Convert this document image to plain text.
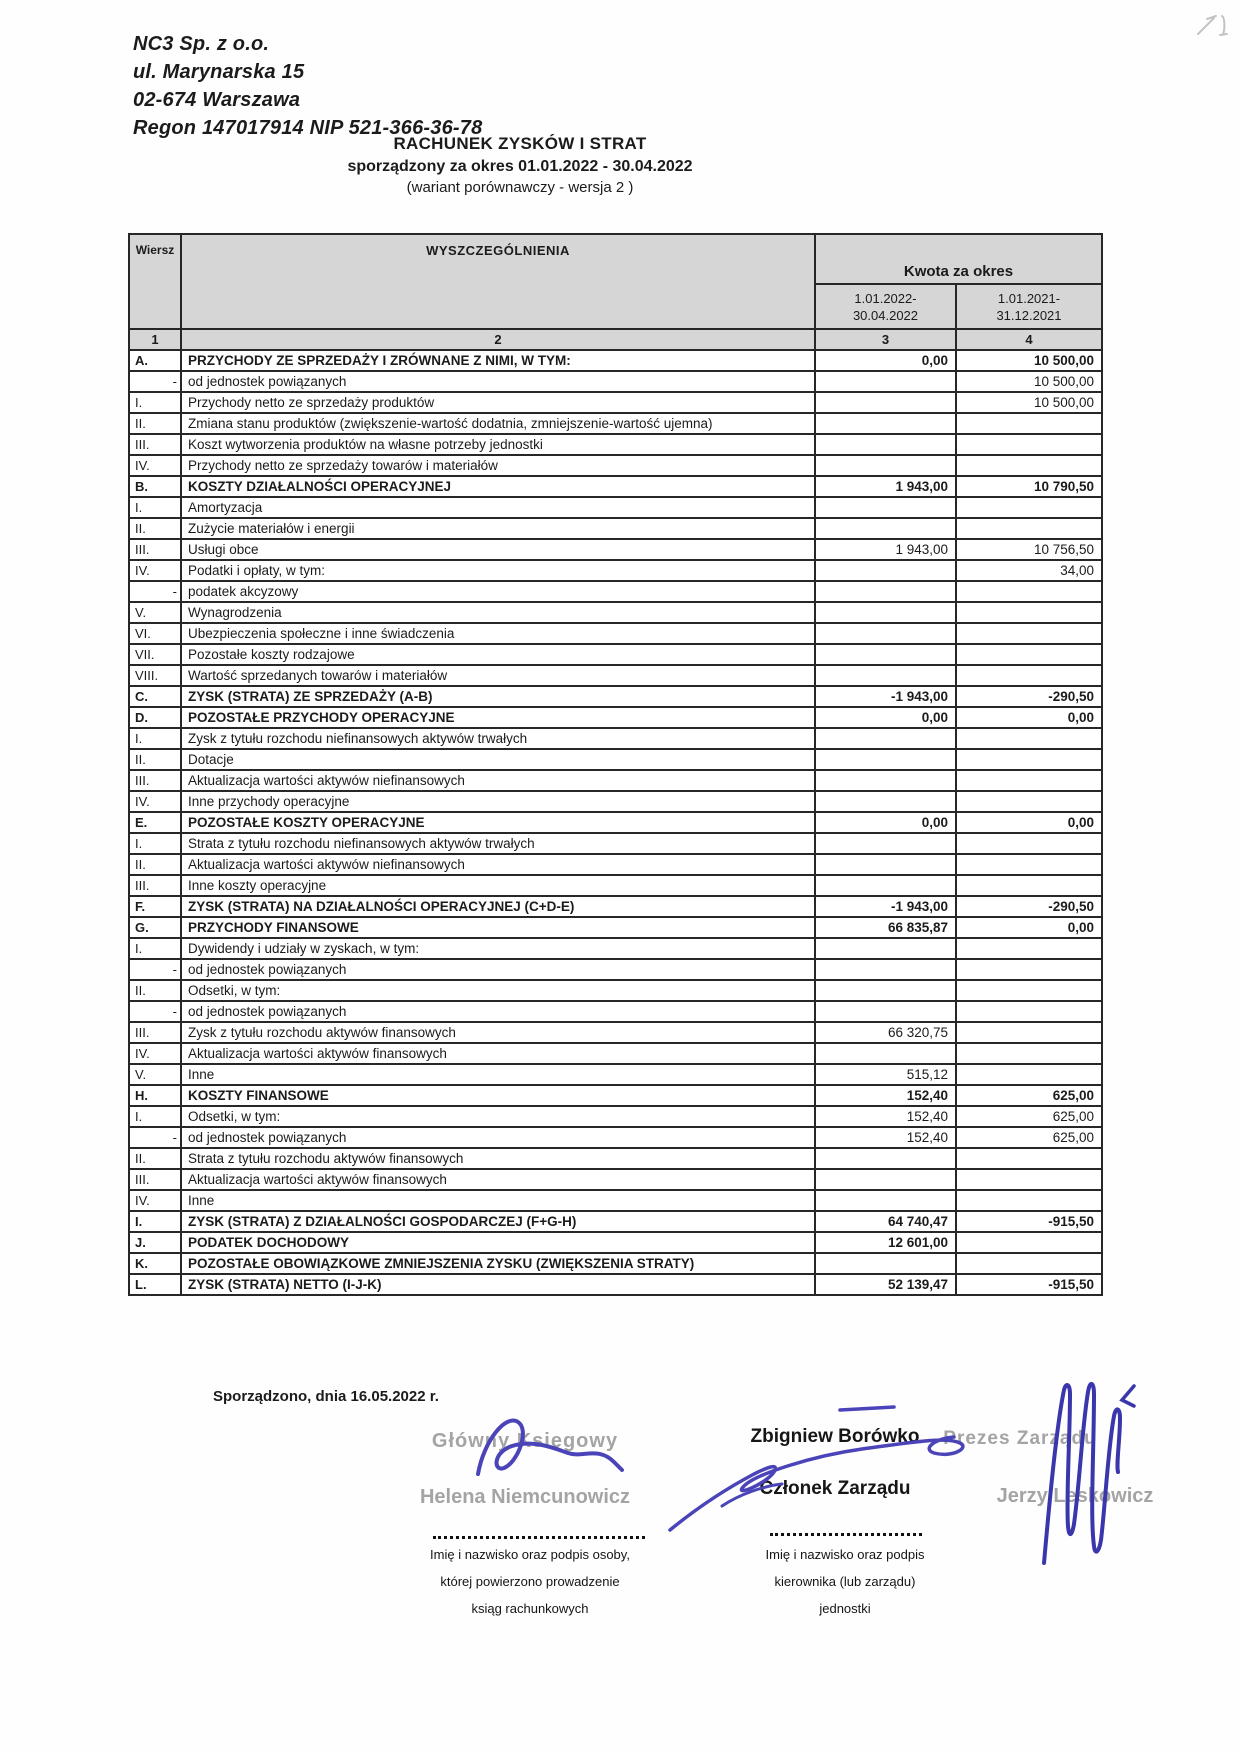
NC3 Sp. z o.o.
ul. Marynarska 15
02-674 Warszawa
Regon 147017914 NIP 521-366-36-78
RACHUNEK ZYSKÓW I STRAT
sporządzony za okres 01.01.2022 - 30.04.2022
(wariant porównawczy - wersja 2 )
Wiersz	WYSZCZEGÓLNIENIA	Kwota za okres	
		1.01.2022-
30.04.2022	1.01.2021-
31.12.2021
1	2	3	4
A.	PRZYCHODY ZE SPRZEDAŻY I ZRÓWNANE Z NIMI, W TYM:	0,00	10 500,00
-	od jednostek powiązanych		10 500,00
I.	Przychody netto ze sprzedaży produktów		10 500,00
II.	Zmiana stanu produktów (zwiększenie-wartość dodatnia, zmniejszenie-wartość ujemna)		
III.	Koszt wytworzenia produktów na własne potrzeby jednostki		
IV.	Przychody netto ze sprzedaży towarów i materiałów		
B.	KOSZTY DZIAŁALNOŚCI OPERACYJNEJ	1 943,00	10 790,50
I.	Amortyzacja		
II.	Zużycie materiałów i energii		
III.	Usługi obce	1 943,00	10 756,50
IV.	Podatki i opłaty, w tym:		34,00
-	podatek akcyzowy		
V.	Wynagrodzenia		
VI.	Ubezpieczenia społeczne i inne świadczenia		
VII.	Pozostałe koszty rodzajowe		
VIII.	Wartość sprzedanych towarów i materiałów		
C.	ZYSK (STRATA) ZE SPRZEDAŻY (A-B)	-1 943,00	-290,50
D.	POZOSTAŁE PRZYCHODY OPERACYJNE	0,00	0,00
I.	Zysk z tytułu rozchodu niefinansowych aktywów trwałych		
II.	Dotacje		
III.	Aktualizacja wartości aktywów niefinansowych		
IV.	Inne przychody operacyjne		
E.	POZOSTAŁE KOSZTY OPERACYJNE	0,00	0,00
I.	Strata z tytułu rozchodu niefinansowych aktywów trwałych		
II.	Aktualizacja wartości aktywów niefinansowych		
III.	Inne koszty operacyjne		
F.	ZYSK (STRATA) NA DZIAŁALNOŚCI OPERACYJNEJ (C+D-E)	-1 943,00	-290,50
G.	PRZYCHODY FINANSOWE	66 835,87	0,00
I.	Dywidendy i udziały w zyskach, w tym:		
-	od jednostek powiązanych		
II.	Odsetki, w tym:		
-	od jednostek powiązanych		
III.	Zysk z tytułu rozchodu aktywów finansowych	66 320,75	
IV.	Aktualizacja wartości aktywów finansowych		
V.	Inne	515,12	
H.	KOSZTY FINANSOWE	152,40	625,00
I.	Odsetki, w tym:	152,40	625,00
-	od jednostek powiązanych	152,40	625,00
II.	Strata z tytułu rozchodu aktywów finansowych		
III.	Aktualizacja wartości aktywów finansowych		
IV.	Inne		
I.	ZYSK (STRATA) Z DZIAŁALNOŚCI GOSPODARCZEJ (F+G-H)	64 740,47	-915,50
J.	PODATEK DOCHODOWY	12 601,00	
K.	POZOSTAŁE OBOWIĄZKOWE ZMNIEJSZENIA ZYSKU (ZWIĘKSZENIA STRATY)		
L.	ZYSK (STRATA) NETTO (I-J-K)	52 139,47	-915,50
Sporządzono, dnia 16.05.2022 r.
Główny Księgowy
Helena Niemcunowicz
Imię i nazwisko oraz podpis osoby,
której powierzono prowadzenie
ksiąg rachunkowych
Zbigniew Borówko
Członek Zarządu
Imię i nazwisko oraz podpis
kierownika (lub zarządu)
jednostki
Prezes Zarządu
Jerzy Leskowicz
